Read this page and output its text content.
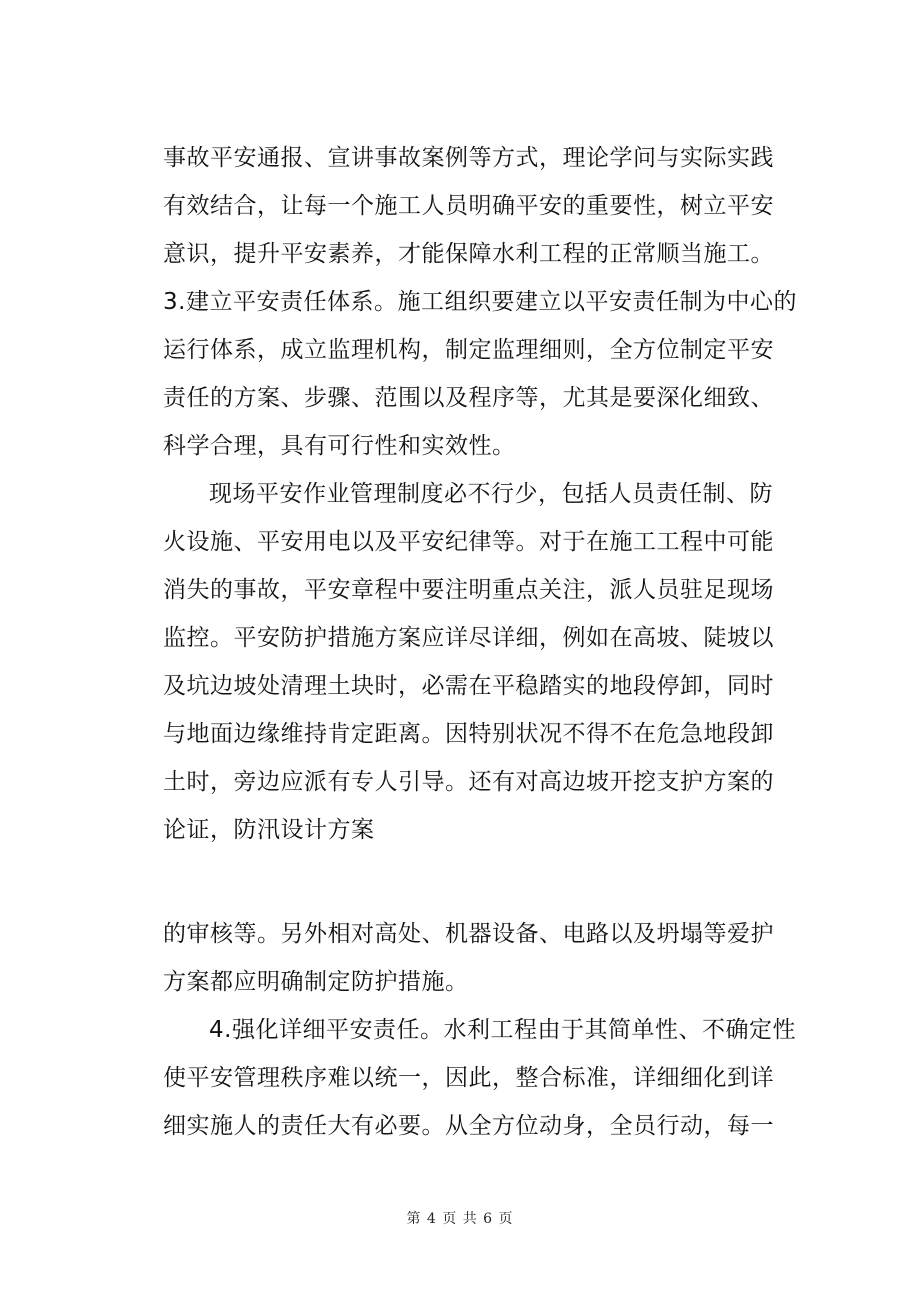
事故平安通报、宣讲事故案例等方式，理论学问与实际实践
有效结合，让每一个施工人员明确平安的重要性，树立平安
意识，提升平安素养，才能保障水利工程的正常顺当施工。
3.建立平安责任体系。施工组织要建立以平安责任制为中心的
运行体系，成立监理机构，制定监理细则，全方位制定平安
责任的方案、步骤、范围以及程序等，尤其是要深化细致、
科学合理，具有可行性和实效性。
现场平安作业管理制度必不行少，包括人员责任制、防
火设施、平安用电以及平安纪律等。对于在施工工程中可能
消失的事故，平安章程中要注明重点关注，派人员驻足现场
监控。平安防护措施方案应详尽详细，例如在高坡、陡坡以
及坑边坡处清理土块时，必需在平稳踏实的地段停卸，同时
与地面边缘维持肯定距离。因特别状况不得不在危急地段卸
土时，旁边应派有专人引导。还有对高边坡开挖支护方案的
论证，防汛设计方案
的审核等。另外相对高处、机器设备、电路以及坍塌等爱护
方案都应明确制定防护措施。
4.强化详细平安责任。水利工程由于其简单性、不确定性
使平安管理秩序难以统一，因此，整合标准，详细细化到详
细实施人的责任大有必要。从全方位动身，全员行动，每一
第 4 页 共 6 页
